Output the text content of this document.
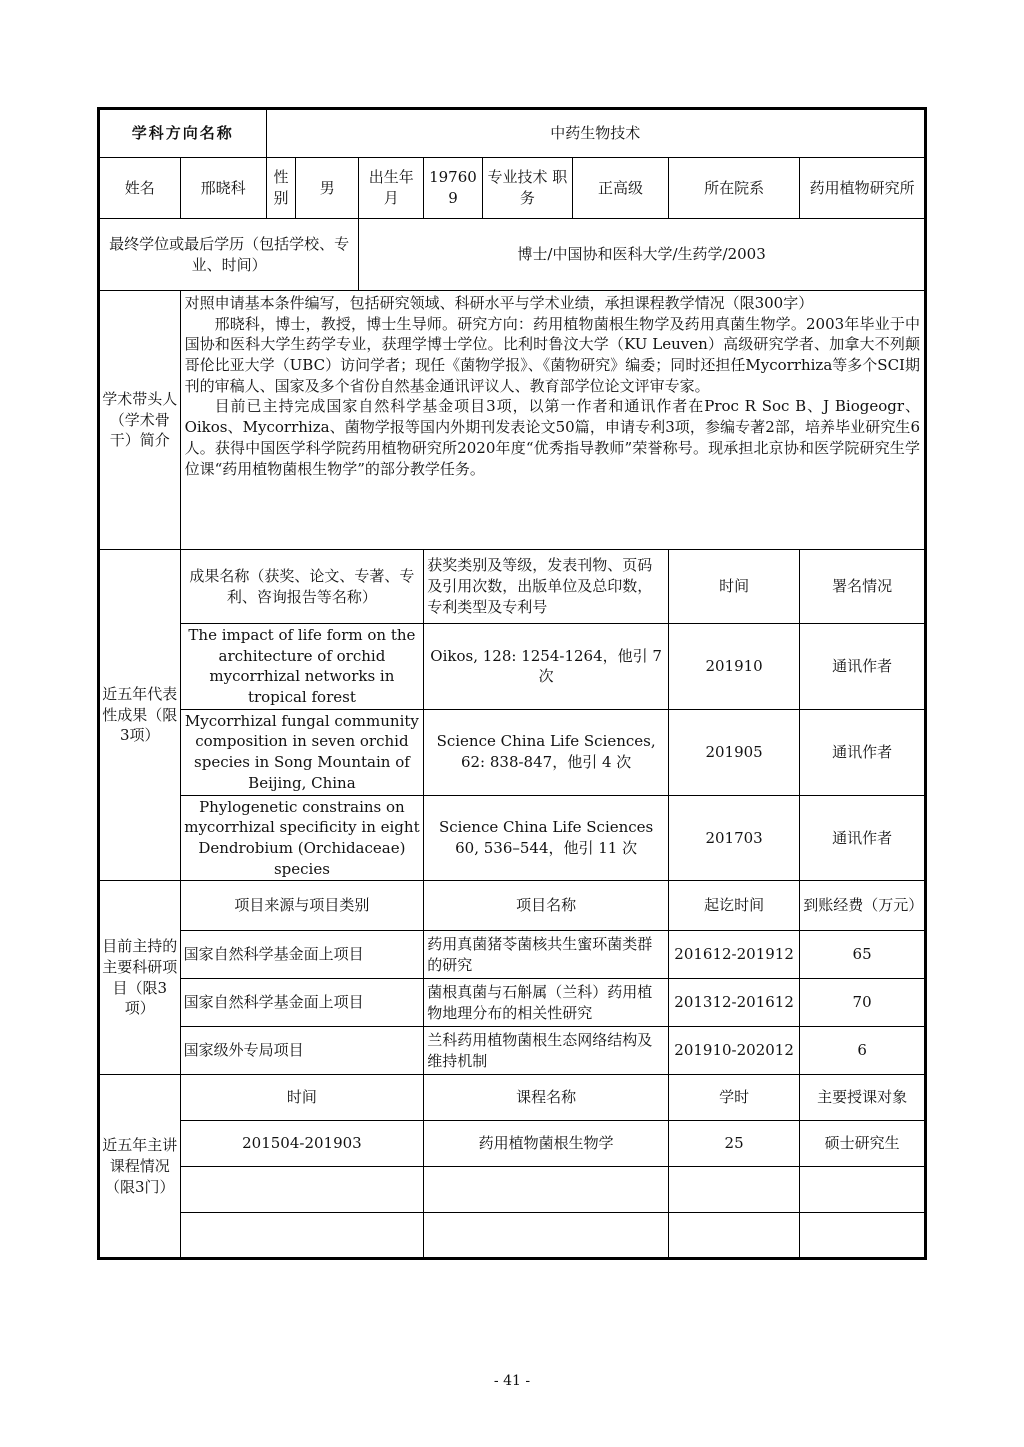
学科方向名称		中药生物技术							
姓名	邢晓科	性别	男	出生年月	197609	专业技术 职 务	正高级	所在院系	药用植物研究所
最终学位或最后学历（包括学校、专业、时间）				博士/中国协和医科大学/生药学/2003					
学术带头人（学术骨干）简介	对照申请基本条件编写，包括研究领域、科研水平与学术业绩，承担课程教学情况（限300字）

邢晓科，博士，教授，博士生导师。研究方向：药用植物菌根生物学及药用真菌生物学。2003年毕业于中国协和医科大学生药学专业，获理学博士学位。比利时鲁汶大学（KU Leuven）高级研究学者、加拿大不列颠哥伦比亚大学（UBC）访问学者；现任《菌物学报》、《菌物研究》编委；同时还担任Mycorrhiza等多个SCI期刊的审稿人、国家及多个省份自然基金通讯评议人、教育部学位论文评审专家。

目前已主持完成国家自然科学基金项目3项，以第一作者和通讯作者在Proc R Soc B、J Biogeogr、Oikos、Mycorrhiza、菌物学报等国内外期刊发表论文50篇，申请专利3项，参编专著2部，培养毕业研究生6人。获得中国医学科学院药用植物研究所2020年度“优秀指导教师”荣誉称号。现承担北京协和医学院研究生学位课“药用植物菌根生物学”的部分教学任务。								

近五年代表性成果（限3项）	成果名称（获奖、论文、专著、专利、咨询报告等名称）				获奖类别及等级，发表刊物、页码及引用次数，出版单位及总印数，专利类型及专利号			时间	署名情况
	The impact of life form on the architecture of orchid mycorrhizal networks in tropical forest				Oikos, 128: 1254-1264，他引 7 次			201910	通讯作者
	Mycorrhizal fungal community composition in seven orchid species in Song Mountain of Beijing, China				Science China Life Sciences, 62: 838-847，他引 4 次			201905	通讯作者
	Phylogenetic constrains on mycorrhizal specificity in eight Dendrobium (Orchidaceae) species				Science China Life Sciences 60, 536–544，他引 11 次			201703	通讯作者
目前主持的主要科研项目（限3项）	项目来源与项目类别				项目名称			起讫时间	到账经费（万元）
	国家自然科学基金面上项目				药用真菌猪苓菌核共生蜜环菌类群的研究			201612-201912	65
	国家自然科学基金面上项目				菌根真菌与石斛属（兰科）药用植物地理分布的相关性研究			201312-201612	70
	国家级外专局项目				兰科药用植物菌根生态网络结构及维持机制			201910-202012	6
近五年主讲课程情况（限3门）	时间				课程名称			学时	主要授课对象
	201504-201903				药用植物菌根生物学			25	硕士研究生

- 41 -
